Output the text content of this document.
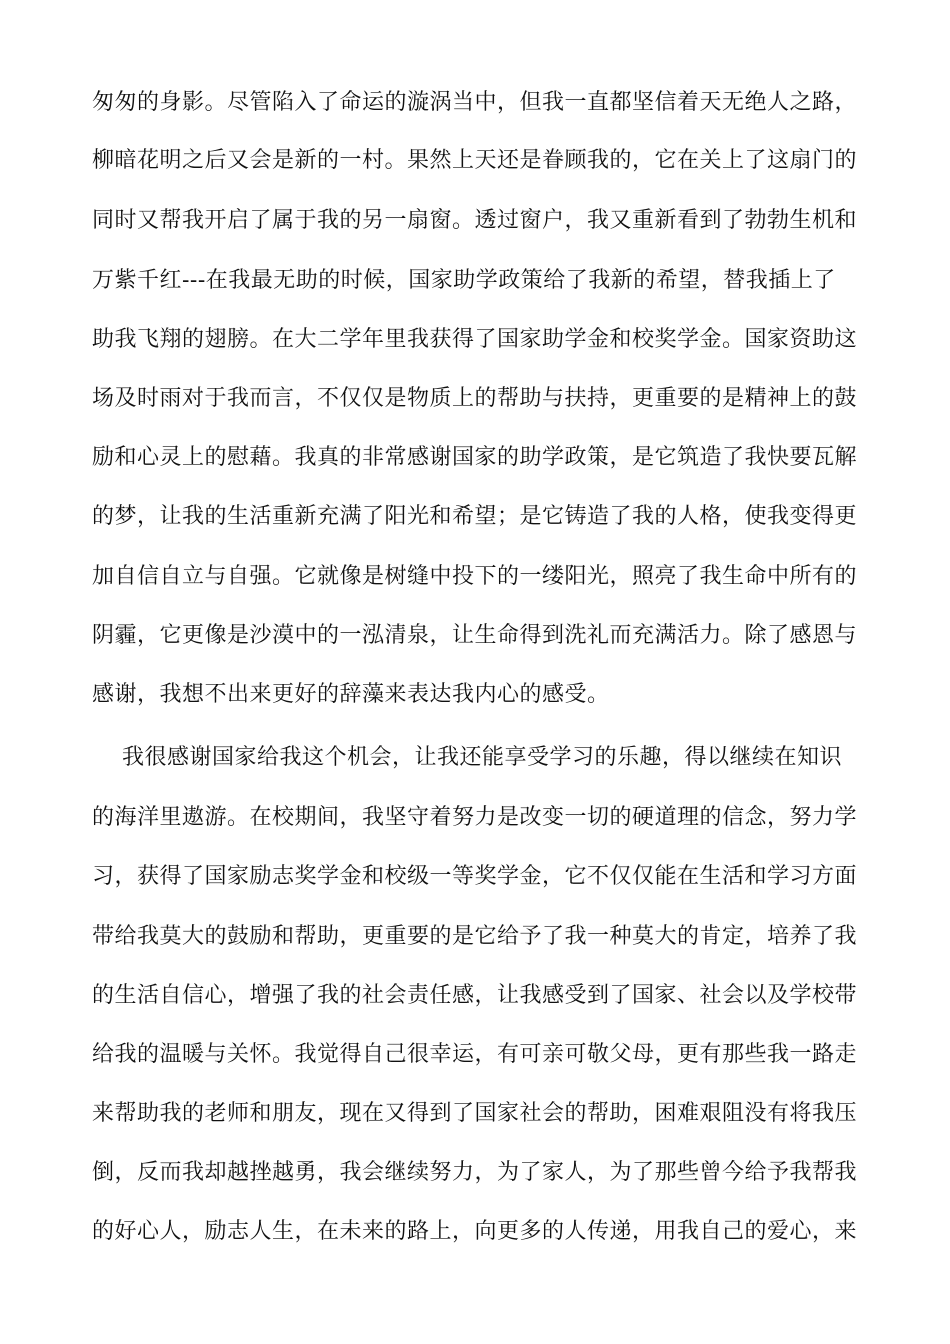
匆匆的身影。尽管陷入了命运的漩涡当中，但我一直都坚信着天无绝人之路，
柳暗花明之后又会是新的一村。果然上天还是眷顾我的，它在关上了这扇门的
同时又帮我开启了属于我的另一扇窗。透过窗户，我又重新看到了勃勃生机和
万紫千红---在我最无助的时候，国家助学政策给了我新的希望，替我插上了
助我飞翔的翅膀。在大二学年里我获得了国家助学金和校奖学金。国家资助这
场及时雨对于我而言，不仅仅是物质上的帮助与扶持，更重要的是精神上的鼓
励和心灵上的慰藉。我真的非常感谢国家的助学政策，是它筑造了我快要瓦解
的梦，让我的生活重新充满了阳光和希望；是它铸造了我的人格，使我变得更
加自信自立与自强。它就像是树缝中投下的一缕阳光，照亮了我生命中所有的
阴霾，它更像是沙漠中的一泓清泉，让生命得到洗礼而充满活力。除了感恩与
感谢，我想不出来更好的辞藻来表达我内心的感受。
我很感谢国家给我这个机会，让我还能享受学习的乐趣，得以继续在知识
的海洋里遨游。在校期间，我坚守着努力是改变一切的硬道理的信念，努力学
习，获得了国家励志奖学金和校级一等奖学金，它不仅仅能在生活和学习方面
带给我莫大的鼓励和帮助，更重要的是它给予了我一种莫大的肯定，培养了我
的生活自信心，增强了我的社会责任感，让我感受到了国家、社会以及学校带
给我的温暖与关怀。我觉得自己很幸运，有可亲可敬父母，更有那些我一路走
来帮助我的老师和朋友，现在又得到了国家社会的帮助，困难艰阻没有将我压
倒，反而我却越挫越勇，我会继续努力，为了家人，为了那些曾今给予我帮我
的好心人，励志人生，在未来的路上，向更多的人传递，用我自己的爱心，来
